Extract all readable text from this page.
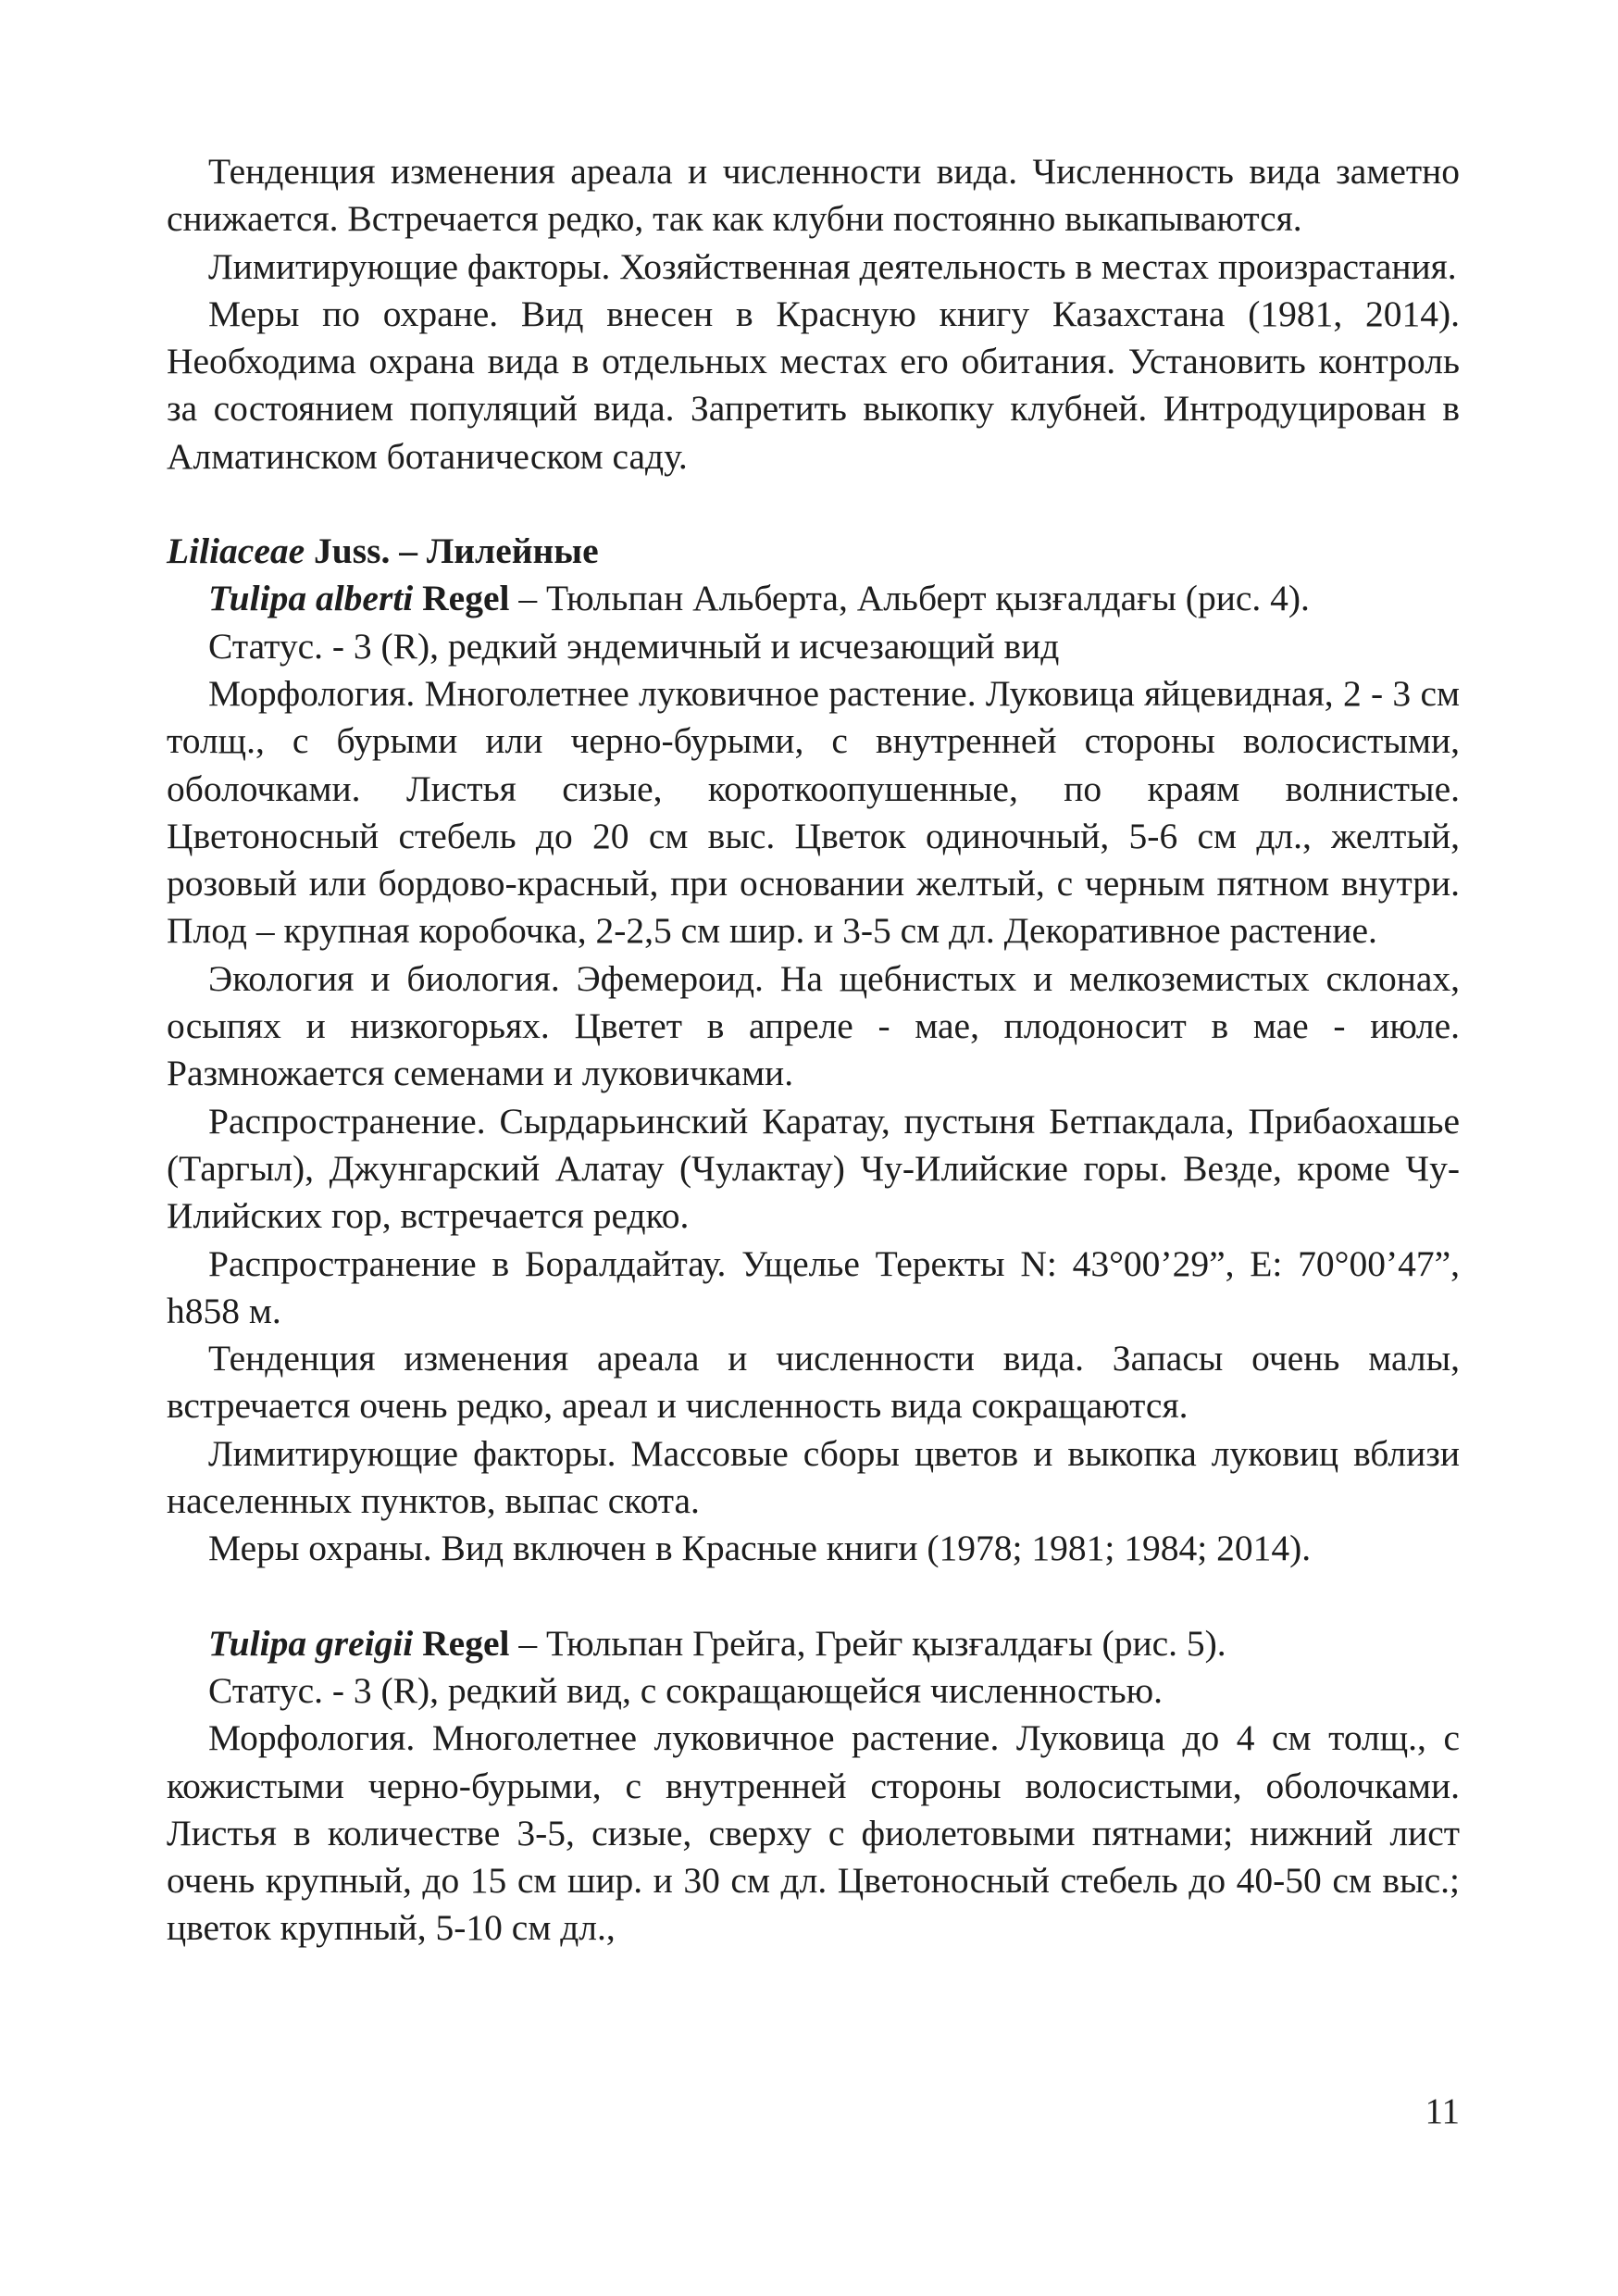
Тенденция изменения ареала и численности вида. Численность вида заметно снижается. Встречается редко, так как клубни постоянно выкапываются.

Лимитирующие факторы. Хозяйственная деятельность в местах произрастания.

Меры по охране. Вид внесен в Красную книгу Казахстана (1981, 2014). Необходима охрана вида в отдельных местах его обитания. Установить контроль за состоянием популяций вида. Запретить выкопку клубней. Интродуцирован в Алматинском ботаническом саду.

Liliaceae Juss. – Лилейные

Tulipa alberti Regel – Тюльпан Альберта, Альберт қызғалдағы (рис. 4).

Статус. - 3 (R), редкий эндемичный и исчезающий вид

Морфология. Многолетнее луковичное растение. Луковица яйцевидная, 2 - 3 см толщ., с бурыми или черно-бурыми, с внутренней стороны волосистыми, оболочками. Листья сизые, короткоопушенные, по краям волнистые. Цветоносный стебель до 20 см выс. Цветок одиночный, 5-6 см дл., желтый, розовый или бордово-красный, при основании желтый, с черным пятном внутри. Плод – крупная коробочка, 2-2,5 см шир. и 3-5 см дл. Декоративное растение.

Экология и биология. Эфемероид. На щебнистых и мелкоземистых склонах, осыпях и низкогорьях. Цветет в апреле - мае, плодоносит в мае - июле. Размножается семенами и луковичками.

Распространение. Сырдарьинский Каратау, пустыня Бетпакдала, Прибаохашье (Таргыл), Джунгарский Алатау (Чулактау) Чу-Илийские горы. Везде, кроме Чу-Илийских гор, встречается редко.

Распространение в Боралдайтау. Ущелье Теректы N: 43°00’29”, E: 70°00’47”, h858 м.

Тенденция изменения ареала и численности вида. Запасы очень малы, встречается очень редко, ареал и численность вида сокращаются.

Лимитирующие факторы. Массовые сборы цветов и выкопка луковиц вблизи населенных пунктов, выпас скота.

Меры охраны. Вид включен в Красные книги (1978; 1981; 1984; 2014).

Tulipa greigii Regel – Тюльпан Грейга, Грейг қызғалдағы (рис. 5).

Статус. - 3 (R), редкий вид, с сокращающейся численностью.

Морфология. Многолетнее луковичное растение. Луковица до 4 см толщ., с кожистыми черно-бурыми, с внутренней стороны волосистыми, оболочками. Листья в количестве 3-5, сизые, сверху с фиолетовыми пятнами; нижний лист очень крупный, до 15 см шир. и 30 см дл. Цветоносный стебель до 40-50 см выс.; цветок крупный, 5-10 см дл.,

11
